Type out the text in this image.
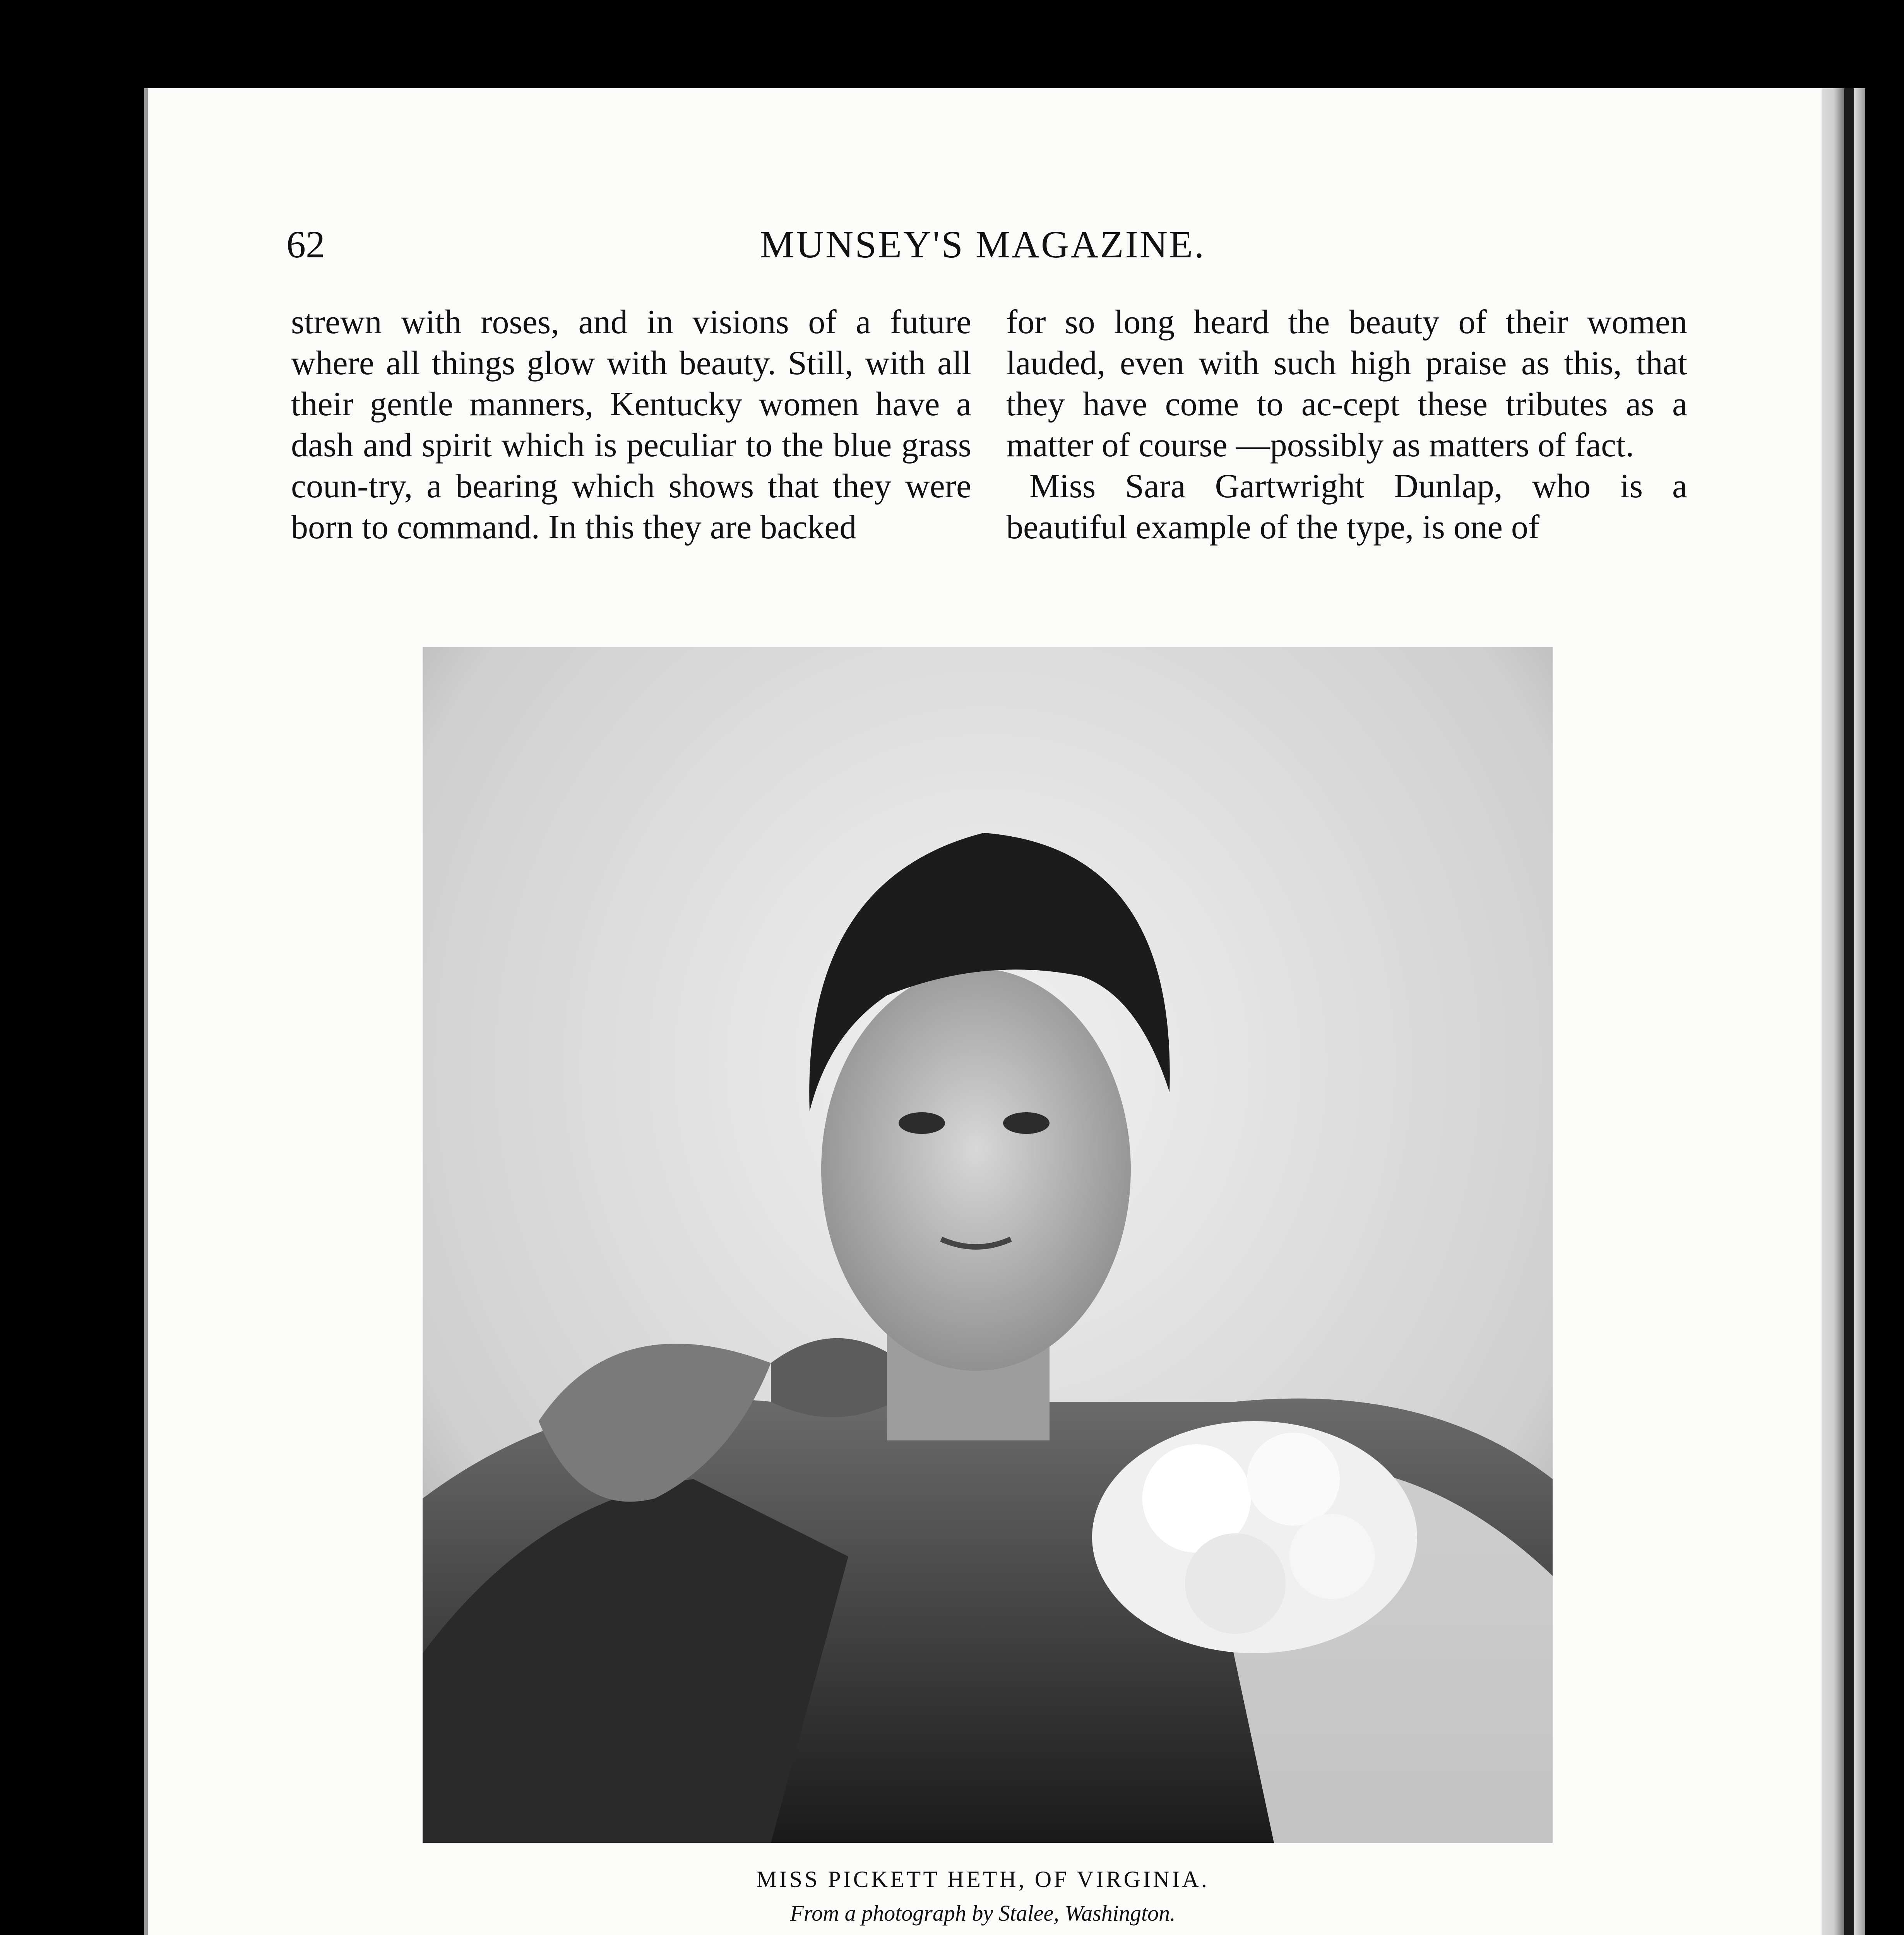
62	MUNSEY'S MAGAZINE.

strewn with roses, and in visions of a future where all things glow with beauty. Still, with all their gentle manners, Kentucky women have a dash and spirit which is peculiar to the blue grass coun-try, a bearing which shows that they were born to command. In this they are backed

for so long heard the beauty of their women lauded, even with such high praise as this, that they have come to ac-cept these tributes as a matter of course —possibly as matters of fact.

Miss Sara Gartwright Dunlap, who is a beautiful example of the type, is one of

MISS PICKETT HETH, OF VIRGINIA.
From a photograph by Stalee, Washington.
